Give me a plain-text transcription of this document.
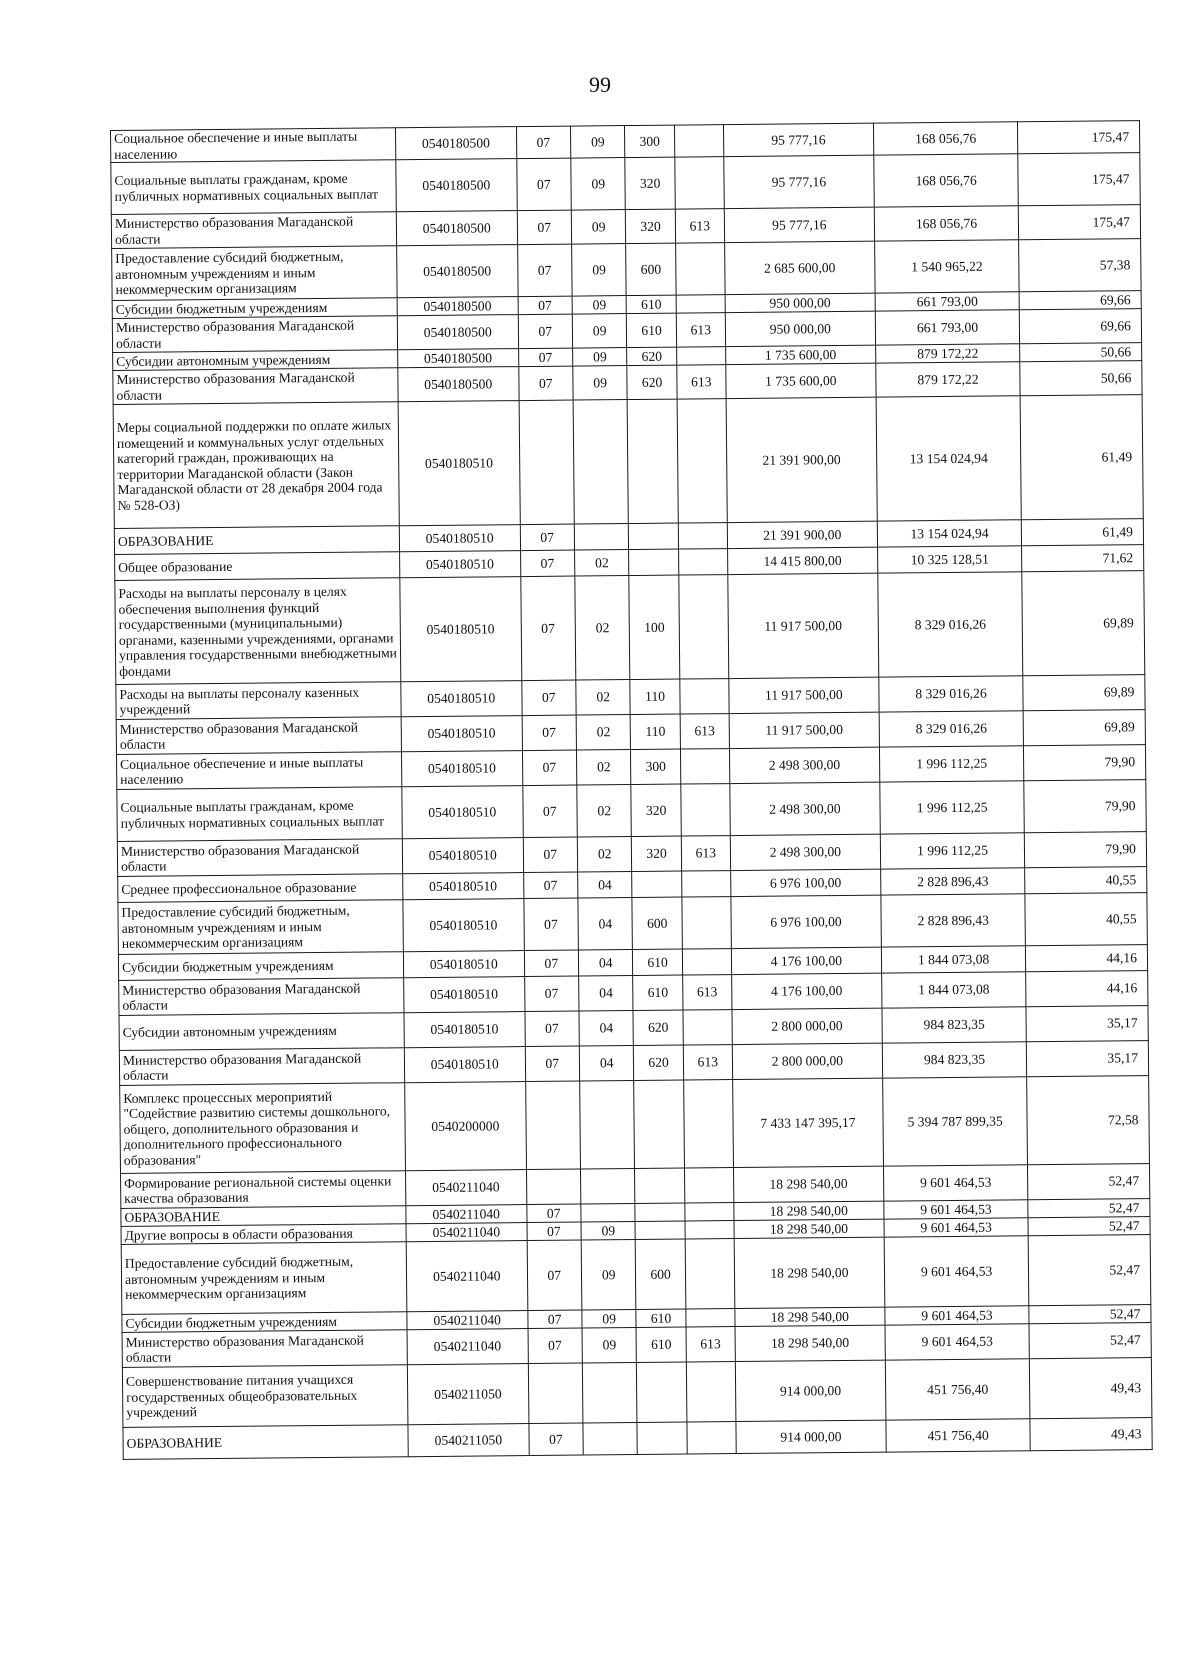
99
Социальное обеспечение и иные выплаты населению	0540180500	07	09	300		95 777,16	168 056,76	175,47
Социальные выплаты гражданам, кроме публичных нормативных социальных выплат	0540180500	07	09	320		95 777,16	168 056,76	175,47
Министерство образования Магаданской области	0540180500	07	09	320	613	95 777,16	168 056,76	175,47
Предоставление субсидий бюджетным, автономным учреждениям и иным некоммерческим организациям	0540180500	07	09	600		2 685 600,00	1 540 965,22	57,38
Субсидии бюджетным учреждениям	0540180500	07	09	610		950 000,00	661 793,00	69,66
Министерство образования Магаданской области	0540180500	07	09	610	613	950 000,00	661 793,00	69,66
Субсидии автономным учреждениям	0540180500	07	09	620		1 735 600,00	879 172,22	50,66
Министерство образования Магаданской области	0540180500	07	09	620	613	1 735 600,00	879 172,22	50,66
Меры социальной поддержки по оплате жилых помещений и коммунальных услуг отдельных категорий граждан, проживающих на территории Магаданской области (Закон Магаданской области от 28 декабря 2004 года № 528-ОЗ)	0540180510					21 391 900,00	13 154 024,94	61,49
ОБРАЗОВАНИЕ	0540180510	07				21 391 900,00	13 154 024,94	61,49
Общее образование	0540180510	07	02			14 415 800,00	10 325 128,51	71,62
Расходы на выплаты персоналу в целях обеспечения выполнения функций государственными (муниципальными) органами, казенными учреждениями, органами управления государственными внебюджетными фондами	0540180510	07	02	100		11 917 500,00	8 329 016,26	69,89
Расходы на выплаты персоналу казенных учреждений	0540180510	07	02	110		11 917 500,00	8 329 016,26	69,89
Министерство образования Магаданской области	0540180510	07	02	110	613	11 917 500,00	8 329 016,26	69,89
Социальное обеспечение и иные выплаты населению	0540180510	07	02	300		2 498 300,00	1 996 112,25	79,90
Социальные выплаты гражданам, кроме публичных нормативных социальных выплат	0540180510	07	02	320		2 498 300,00	1 996 112,25	79,90
Министерство образования Магаданской области	0540180510	07	02	320	613	2 498 300,00	1 996 112,25	79,90
Среднее профессиональное образование	0540180510	07	04			6 976 100,00	2 828 896,43	40,55
Предоставление субсидий бюджетным, автономным учреждениям и иным некоммерческим организациям	0540180510	07	04	600		6 976 100,00	2 828 896,43	40,55
Субсидии бюджетным учреждениям	0540180510	07	04	610		4 176 100,00	1 844 073,08	44,16
Министерство образования Магаданской области	0540180510	07	04	610	613	4 176 100,00	1 844 073,08	44,16
Субсидии автономным учреждениям	0540180510	07	04	620		2 800 000,00	984 823,35	35,17
Министерство образования Магаданской области	0540180510	07	04	620	613	2 800 000,00	984 823,35	35,17
Комплекс процессных мероприятий "Содействие развитию системы дошкольного, общего, дополнительного образования и дополнительного профессионального образования"	0540200000					7 433 147 395,17	5 394 787 899,35	72,58
Формирование региональной системы оценки качества образования	0540211040					18 298 540,00	9 601 464,53	52,47
ОБРАЗОВАНИЕ	0540211040	07				18 298 540,00	9 601 464,53	52,47
Другие вопросы в области образования	0540211040	07	09			18 298 540,00	9 601 464,53	52,47
Предоставление субсидий бюджетным, автономным учреждениям и иным некоммерческим организациям	0540211040	07	09	600		18 298 540,00	9 601 464,53	52,47
Субсидии бюджетным учреждениям	0540211040	07	09	610		18 298 540,00	9 601 464,53	52,47
Министерство образования Магаданской области	0540211040	07	09	610	613	18 298 540,00	9 601 464,53	52,47
Совершенствование питания учащихся государственных общеобразовательных учреждений	0540211050					914 000,00	451 756,40	49,43
ОБРАЗОВАНИЕ	0540211050	07				914 000,00	451 756,40	49,43
